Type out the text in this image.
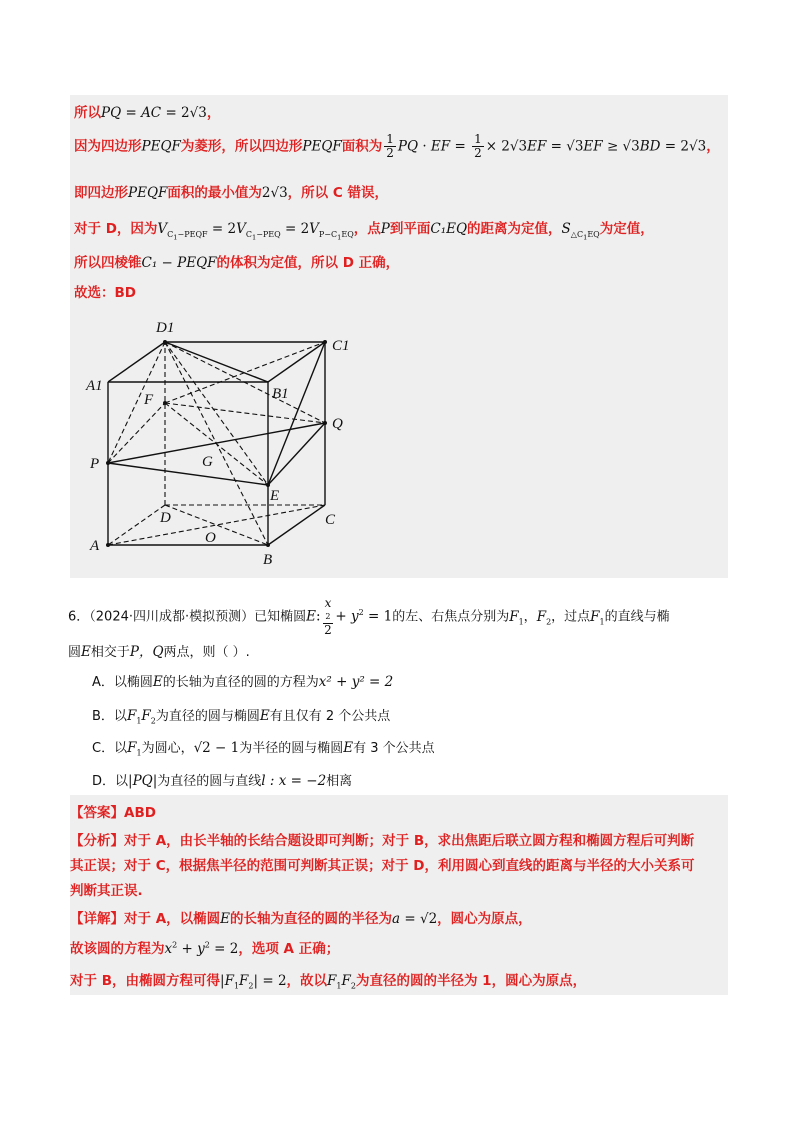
所以PQ = AC = 2√3，
因为四边形PEQF为菱形，所以四边形PEQF面积为 $\frac{1}{2}$ PQ · EF = $\frac{1}{2} \times 2√3EF = √3EF \ge √3BD = 2√3$，
即四边形PEQF面积的最小值为2√3，所以 C 错误，
对于 D，因为$V_{C_1-PEQF} = 2V_{C_1-PEQ} = 2V_{P-C_1EQ}$，点P到平面C₁EQ的距离为定值，$S_{\triangle C_1EQ}$为定值，
所以四棱锥C₁ − PEQF的体积为定值，所以 D 正确，
故选：BD
D1
C1
A1	B1
F
Q
P	G
E
D	C
A	O
B
6．（2024·四川成都·模拟预测）已知椭圆E: x
2
$2 + y^2 = 1$的左、右焦点分别为$F_1$，$F_2$，过点$F_1$的直线与椭
圆E相交于P，Q两点，则（ ）.
A．以椭圆E的长轴为直径的圆的方程为x² + y² = 2
B．以$F_1F_2$为直径的圆与椭圆E有且仅有 2 个公共点
C．以$F_1$为圆心，√2 − 1为半径的圆与椭圆E有 3 个公共点
D．以|PQ|为直径的圆与直线l : x = −2相离
【答案】ABD
【分析】对于 A，由长半轴的长结合题设即可判断；对于 B，求出焦距后联立圆方程和椭圆方程后可判断
其正误；对于 C，根据焦半径的范围可判断其正误；对于 D，利用圆心到直线的距离与半径的大小关系可
判断其正误.
【详解】对于 A，以椭圆E的长轴为直径的圆的半径为a = √2，圆心为原点，
故该圆的方程为$x^2 + y^2 = 2$，选项 A 正确；
对于 B，由椭圆方程可得$|F_1F_2| = 2$，故以$F_1F_2$为直径的圆的半径为 1，圆心为原点，
